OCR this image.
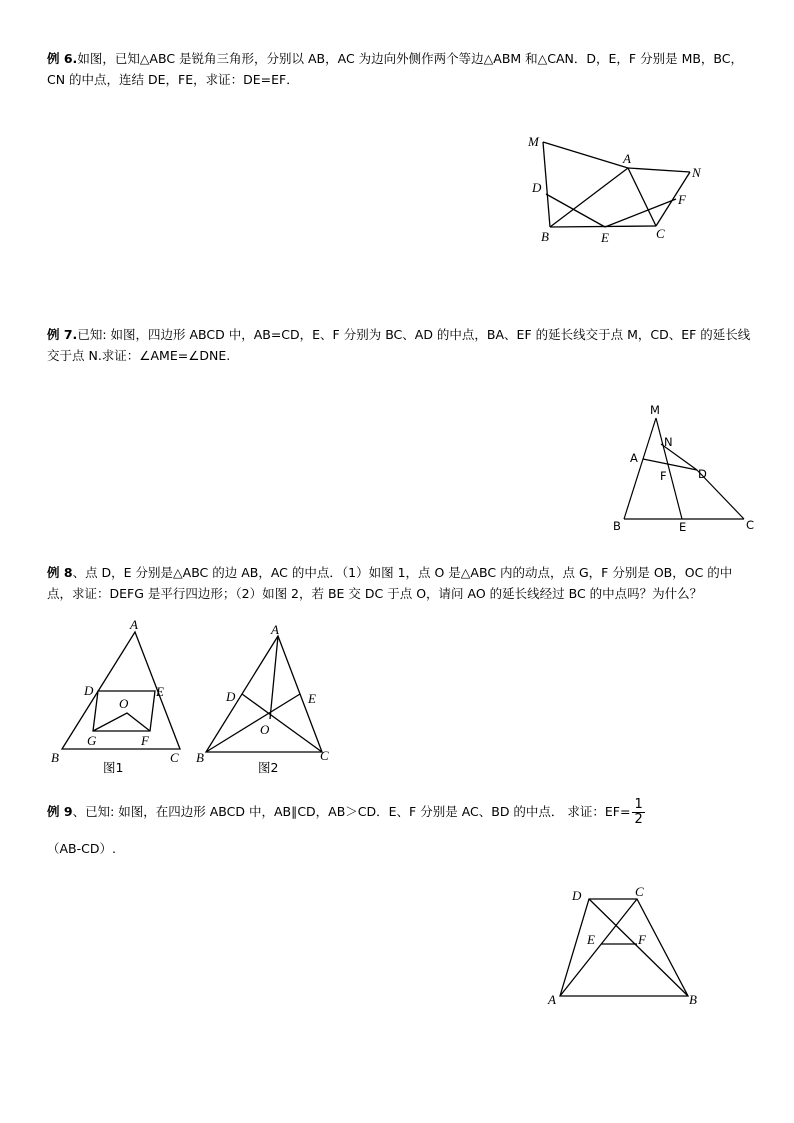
例 6.如图，已知△ABC 是锐角三角形，分别以 AB，AC 为边向外侧作两个等边△ABM 和△CAN．D，E，F 分别是 MB，BC，CN 的中点，连结 DE，FE，求证：DE=EF．
M
A
N
D
F
B	E	C
例 7.已知: 如图，四边形 ABCD 中，AB=CD，E、F 分别为 BC、AD 的中点，BA、EF 的延长线交于点 M，CD、EF 的延长线交于点 N.求证：∠AME=∠DNE.
M
N
A
F	D
B	E	C
例 8、点 D，E 分别是△ABC 的边 AB，AC 的中点．（1）如图 1，点 O 是△ABC 内的动点，点 G，F 分别是 OB，OC 的中点，求证：DEFG 是平行四边形；（2）如图 2，若 BE 交 DC 于点 O，请问 AO 的延长线经过 BC 的中点吗？为什么？
A
D	E
O
G	F
B	C
图1
A
D	E
O
B	C
图2
例 9、已知: 如图，在四边形 ABCD 中，AB∥CD，AB＞CD．E、F 分别是 AC、BD 的中点． 求证：$EF= \frac{1}{2}$
（AB-CD）.
D	C
E	F
A	B
